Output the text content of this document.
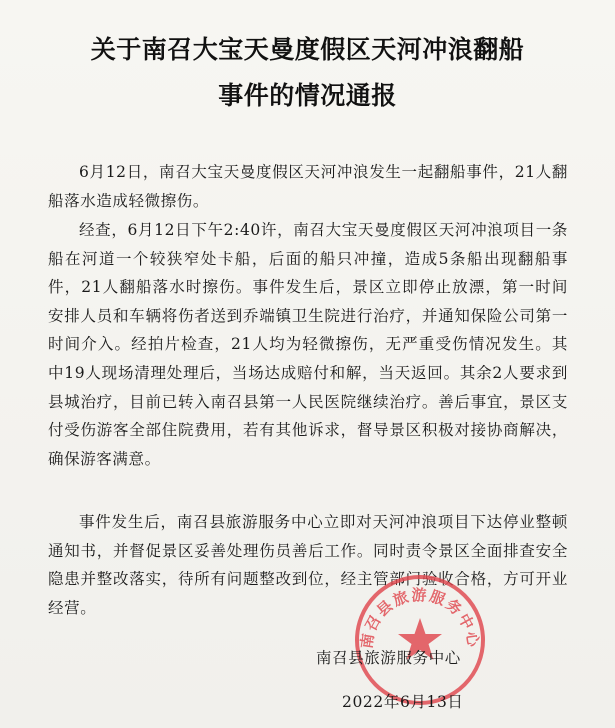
关于南召大宝天曼度假区天河冲浪翻船
事件的情况通报

6月12日，南召大宝天曼度假区天河冲浪发生一起翻船事件，21人翻船落水造成轻微擦伤。

经查，6月12日下午2:40许，南召大宝天曼度假区天河冲浪项目一条船在河道一个较狭窄处卡船，后面的船只冲撞，造成5条船出现翻船事件，21人翻船落水时擦伤。事件发生后，景区立即停止放漂，第一时间安排人员和车辆将伤者送到乔端镇卫生院进行治疗，并通知保险公司第一时间介入。经拍片检查，21人均为轻微擦伤，无严重受伤情况发生。其中19人现场清理处理后，当场达成赔付和解，当天返回。其余2人要求到县城治疗，目前已转入南召县第一人民医院继续治疗。善后事宜，景区支付受伤游客全部住院费用，若有其他诉求，督导景区积极对接协商解决，确保游客满意。

事件发生后，南召县旅游服务中心立即对天河冲浪项目下达停业整顿通知书，并督促景区妥善处理伤员善后工作。同时责令景区全面排查安全隐患并整改落实，待所有问题整改到位，经主管部门验收合格，方可开业经营。

南召县旅游服务中心
南召县旅游服务中心
2022年6月13日
